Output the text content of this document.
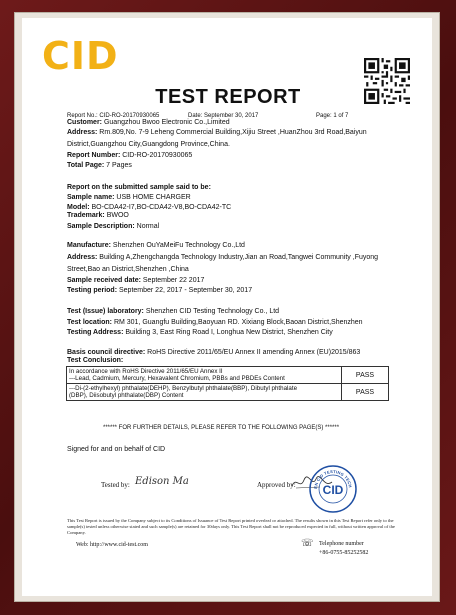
CID
TEST REPORT
Report No.: CID-RO-20170930065	Date: September 30, 2017	Page: 1 of 7
Customer: Guangzhou Bwoo Electronic Co.,Limited
Address: Rm.809,No. 7-9 Leheng Commercial Building,Xijiu Street ,HuanZhou 3rd Road,Baiyun
District,Guangzhou City,Guangdong Province,China.
Report Number: CID-RO-20170930065
Total Page: 7 Pages
Report on the submitted sample said to be:
Sample name: USB HOME CHARGER
Model: BO-CDA42-I7,BO-CDA42-V8,BO-CDA42-TC
Trademark: BWOO
Sample Description: Normal
Manufacture: Shenzhen OuYaMeiFu Technology Co.,Ltd
Address: Building A,Zhengchangda Technology Industry,Jian an Road,Tangwei Community ,Fuyong
Street,Bao an District,Shenzhen ,China
Sample received date: September 22 2017
Testing period: September 22, 2017 - September 30, 2017
Test (Issue) laboratory: Shenzhen CID Testing Technology Co., Ltd
Test location: RM 301, Guangfu Building,Baoyuan RD. Xixiang Block,Baoan District,Shenzhen
Testing Address: Building 3, East Ring Road I, Longhua New District, Shenzhen City
Basis council directive: RoHS Directive 2011/65/EU Annex II amending Annex (EU)2015/863
Test Conclusion:
In accordance with RoHS Directive 2011/65/EU Annex II
---Lead, Cadmium, Mercury, Hexavalent Chromium, PBBs and PBDEs Content	PASS

---Di-(2-ethylhexyl) phthalate(DEHP), Benzylbutyl phthalate(BBP), Dibutyl phthalate
(DBP), Diisobutyl phthalate(DBP) Content	PASS
****** FOR FURTHER DETAILS, PLEASE REFER TO THE FOLLOWING PAGE(S) ******
Signed for and on behalf of CID
Tested by: Edison Ma	Approved by:	EN CID TESTING TECH
CID
This Test Report is issued by the Company subject to its Conditions of Issuance of Test Report printed overleaf or attached. The results shown in this Test Report refer only to the sample(s) tested unless otherwise stated and such sample(s) are retained for 30days only. This Test Report shall not be reproduced expected in full, without written approval of the Company.
Web: http://www.cid-test.com	☏ Telephone number
+86-0755-85252582
